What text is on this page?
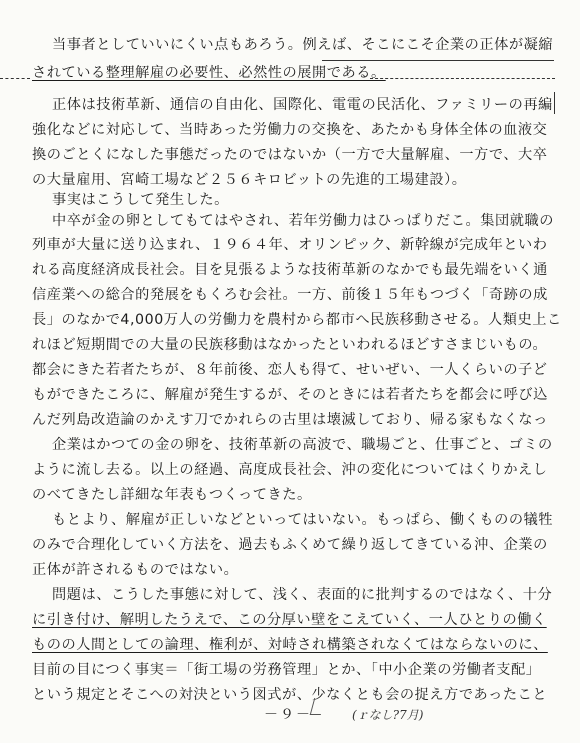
当事者としていいにくい点もあろう。例えば、そこにこそ企業の正体が凝縮
されている整理解雇の必要性、必然性の展開である。
正体は技術革新、通信の自由化、国際化、電電の民活化、ファミリーの再編
強化などに対応して、当時あった労働力の交換を、あたかも身体全体の血液交
換のごとくになした事態だったのではないか（一方で大量解雇、一方で、大卒
の大量雇用、宮崎工場など２５６キロビットの先進的工場建設）。
事実はこうして発生した。
中卒が金の卵としてもてはやされ、若年労働力はひっぱりだこ。集団就職の
列車が大量に送り込まれ、１９６４年、オリンピック、新幹線が完成年といわ
れる高度経済成長社会。目を見張るような技術革新のなかでも最先端をいく通
信産業への総合的発展をもくろむ会社。一方、前後１５年もつづく「奇跡の成
長」のなかで4,000万人の労働力を農村から都市へ民族移動させる。人類史上こ
れほど短期間での大量の民族移動はなかったといわれるほどすさまじいもの。
都会にきた若者たちが、８年前後、恋人も得て、せいぜい、一人くらいの子ど
もができたころに、解雇が発生するが、そのときには若者たちを都会に呼び込
んだ列島改造論のかえす刀でかれらの古里は壊滅しており、帰る家もなくなっ
企業はかつての金の卵を、技術革新の高波で、職場ごと、仕事ごと、ゴミの
ように流し去る。以上の経過、高度成長社会、沖の変化についてはくりかえし
のべてきたし詳細な年表もつくってきた。
もとより、解雇が正しいなどといってはいない。もっぱら、働くものの犠牲
のみで合理化していく方法を、過去もふくめて繰り返してきている沖、企業の
正体が許されるものではない。
問題は、こうした事態に対して、浅く、表面的に批判するのではなく、十分
に引き付け、解明したうえで、この分厚い壁をこえていく、一人ひとりの働く
ものの人間としての論理、権利が、対峙され構築されなくてはならないのに、
目前の目につく事実＝「街工場の労務管理」とか、「中小企業の労働者支配」
という規定とそこへの対決という図式が、少なくとも会の捉え方であったこと
－９－	(ｒなし?7月)
